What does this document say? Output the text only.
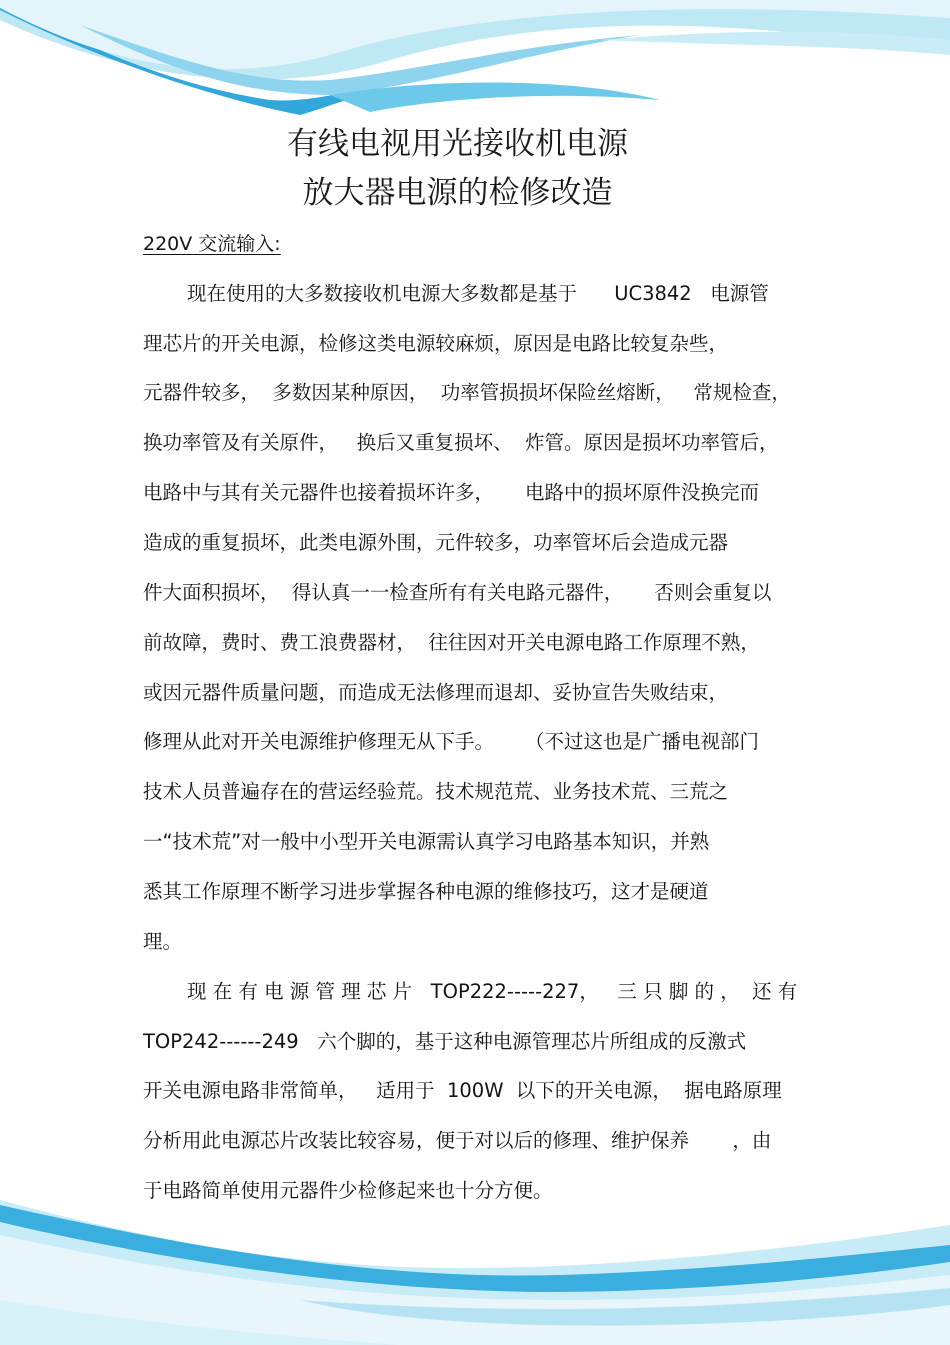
有线电视用光接收机电源
放大器电源的检修改造
220V 交流输入:
现在使用的大多数接收机电源大多数都是基于      UC3842   电源管
理芯片的开关电源，检修这类电源较麻烦，原因是电路比较复杂些，
元器件较多，  多数因某种原因，  功率管损损坏保险丝熔断，   常规检查，
换功率管及有关原件，   换后又重复损坏、  炸管。原因是损坏功率管后，
电路中与其有关元器件也接着损坏许多，     电路中的损坏原件没换完而
造成的重复损坏，此类电源外围，元件较多，功率管坏后会造成元器
件大面积损坏，  得认真一一检查所有有关电路元器件，     否则会重复以
前故障，费时、费工浪费器材，  往往因对开关电源电路工作原理不熟，
或因元器件质量问题，而造成无法修理而退却、妥协宣告失败结束，
修理从此对开关电源维护修理无从下手。     （不过这也是广播电视部门
技术人员普遍存在的营运经验荒。技术规范荒、业务技术荒、三荒之
一“技术荒”对一般中小型开关电源需认真学习电路基本知识，并熟
悉其工作原理不断学习进步掌握各种电源的维修技巧，这才是硬道
理。
现 在 有 电 源 管 理 芯 片   TOP222-----227，   三 只 脚 的 ，  还 有
TOP242------249   六个脚的，基于这种电源管理芯片所组成的反激式
开关电源电路非常简单，   适用于  100W  以下的开关电源，  据电路原理
分析用此电源芯片改装比较容易，便于对以后的修理、维护保养       ，由
于电路简单使用元器件少检修起来也十分方便。
